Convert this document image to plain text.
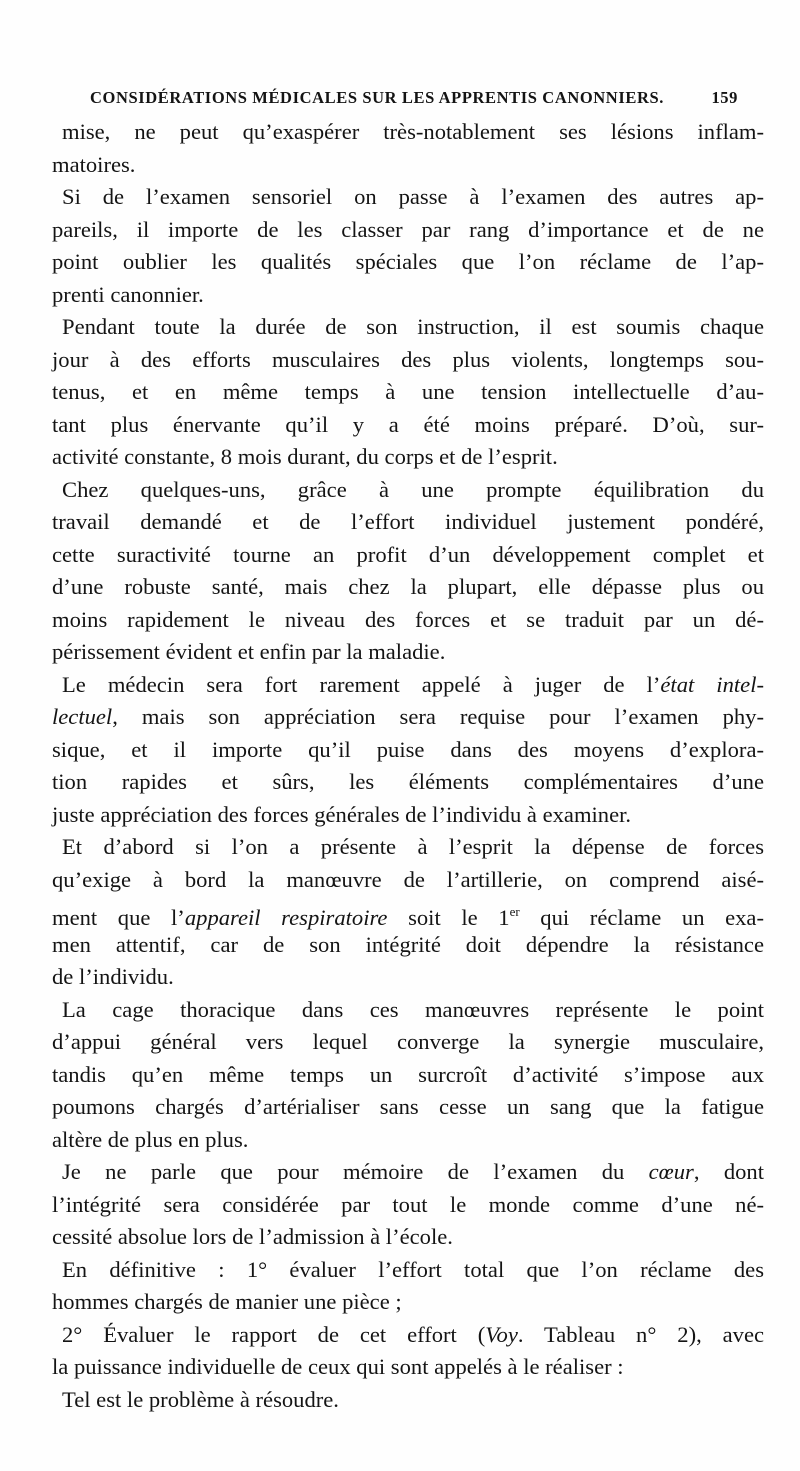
CONSIDÉRATIONS MÉDICALES SUR LES APPRENTIS CANONNIERS.	159
mise, ne peut qu’exaspérer très-notablement ses lésions inflam-
matoires.
Si de l’examen sensoriel on passe à l’examen des autres ap-
pareils, il importe de les classer par rang d’importance et de ne
point oublier les qualités spéciales que l’on réclame de l’ap-
prenti canonnier.
Pendant toute la durée de son instruction, il est soumis chaque
jour à des efforts musculaires des plus violents, longtemps sou-
tenus, et en même temps à une tension intellectuelle d’au-
tant plus énervante qu’il y a été moins préparé. D’où, sur-
activité constante, 8 mois durant, du corps et de l’esprit.
Chez quelques-uns, grâce à une prompte équilibration du
travail demandé et de l’effort individuel justement pondéré,
cette suractivité tourne an profit d’un développement complet et
d’une robuste santé, mais chez la plupart, elle dépasse plus ou
moins rapidement le niveau des forces et se traduit par un dé-
périssement évident et enfin par la maladie.
Le médecin sera fort rarement appelé à juger de l’état intel-
lectuel, mais son appréciation sera requise pour l’examen phy-
sique, et il importe qu’il puise dans des moyens d’explora-
tion rapides et sûrs, les éléments complémentaires d’une
juste appréciation des forces générales de l’individu à examiner.
Et d’abord si l’on a présente à l’esprit la dépense de forces
qu’exige à bord la manœuvre de l’artillerie, on comprend aisé-
ment que l’appareil respiratoire soit le 1er qui réclame un exa-
men attentif, car de son intégrité doit dépendre la résistance
de l’individu.
La cage thoracique dans ces manœuvres représente le point
d’appui général vers lequel converge la synergie musculaire,
tandis qu’en même temps un surcroît d’activité s’impose aux
poumons chargés d’artérialiser sans cesse un sang que la fatigue
altère de plus en plus.
Je ne parle que pour mémoire de l’examen du cœur, dont
l’intégrité sera considérée par tout le monde comme d’une né-
cessité absolue lors de l’admission à l’école.
En définitive : 1° évaluer l’effort total que l’on réclame des
hommes chargés de manier une pièce ;
2° Évaluer le rapport de cet effort (Voy. Tableau n° 2), avec
la puissance individuelle de ceux qui sont appelés à le réaliser :
Tel est le problème à résoudre.
